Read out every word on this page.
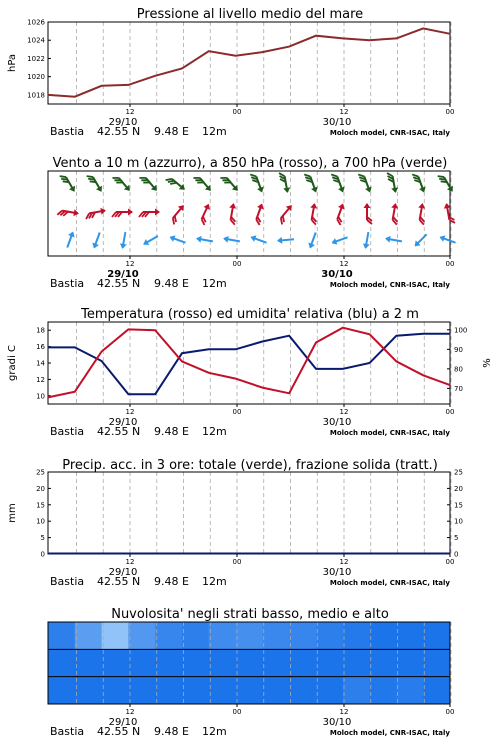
Pressione al livello medio del mare
1018
1020
1022
1024
1026
hPa
12	00	12	00
29/10	30/10
Bastia 42.55 N 9.48 E 12m	Moloch model, CNR-ISAC, Italy
Vento a 10 m (azzurro), a 850 hPa (rosso), a 700 hPa (verde)
12	00	12	00
29/10	30/10
Bastia 42.55 N 9.48 E 12m	Moloch model, CNR-ISAC, Italy
Temperatura (rosso) ed umidita' relativa (blu) a 2 m
10
12
14
16
18
70
80
90
100
gradi C	%
12	00	12	00
29/10	30/10
Bastia 42.55 N 9.48 E 12m	Moloch model, CNR-ISAC, Italy
Precip. acc. in 3 ore: totale (verde), frazione solida (tratt.)
0	0
5	5
10	10
15	15
20	20
25	25
mm
12	00	12	00
29/10	30/10
Bastia 42.55 N 9.48 E 12m	Moloch model, CNR-ISAC, Italy
Nuvolosita' negli strati basso, medio e alto
12	00	12	00
29/10	30/10
Bastia 42.55 N 9.48 E 12m	Moloch model, CNR-ISAC, Italy
